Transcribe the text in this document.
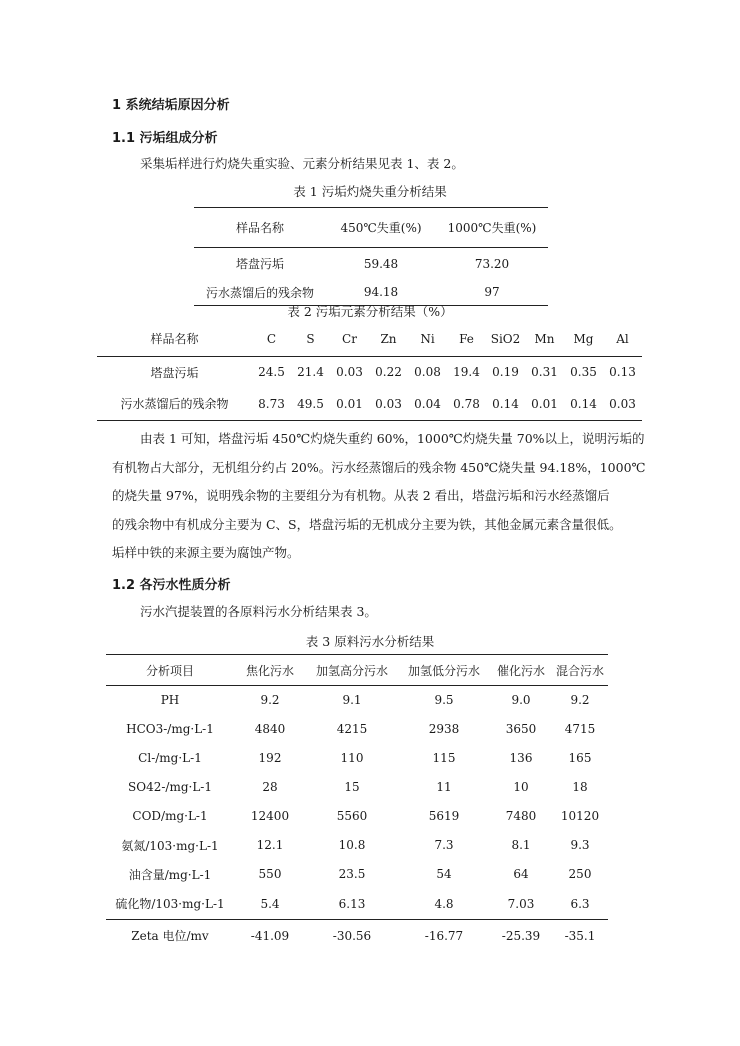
1 系统结垢原因分析
1.1 污垢组成分析
采集垢样进行灼烧失重实验、元素分析结果见表 1、表 2。
表 1 污垢灼烧失重分析结果
样品名称	450℃失重(%)	1000℃失重(%)
塔盘污垢	59.48	73.20
污水蒸馏后的残余物	94.18	97
表 2 污垢元素分析结果（%）
样品名称	C	S	Cr	Zn	Ni	Fe	SiO2	Mn	Mg	Al
塔盘污垢	24.5	21.4	0.03	0.22	0.08	19.4	0.19	0.31	0.35	0.13
污水蒸馏后的残余物	8.73	49.5	0.01	0.03	0.04	0.78	0.14	0.01	0.14	0.03
由表 1 可知，塔盘污垢 450℃灼烧失重约 60%，1000℃灼烧失量 70%以上，说明污垢的
有机物占大部分，无机组分约占 20%。污水经蒸馏后的残余物 450℃烧失量 94.18%，1000℃
的烧失量 97%，说明残余物的主要组分为有机物。从表 2 看出，塔盘污垢和污水经蒸馏后
的残余物中有机成分主要为 C、S，塔盘污垢的无机成分主要为铁，其他金属元素含量很低。
垢样中铁的来源主要为腐蚀产物。
1.2 各污水性质分析
污水汽提装置的各原料污水分析结果表 3。
表 3 原料污水分析结果
分析项目	焦化污水	加氢高分污水	加氢低分污水	催化污水	混合污水
PH	9.2	9.1	9.5	9.0	9.2
HCO3-/mg·L-1	4840	4215	2938	3650	4715
Cl-/mg·L-1	192	110	115	136	165
SO42-/mg·L-1	28	15	11	10	18
COD/mg·L-1	12400	5560	5619	7480	10120
氨氮/103·mg·L-1	12.1	10.8	7.3	8.1	9.3
油含量/mg·L-1	550	23.5	54	64	250
硫化物/103·mg·L-1	5.4	6.13	4.8	7.03	6.3
Zeta 电位/mv	-41.09	-30.56	-16.77	-25.39	-35.1
